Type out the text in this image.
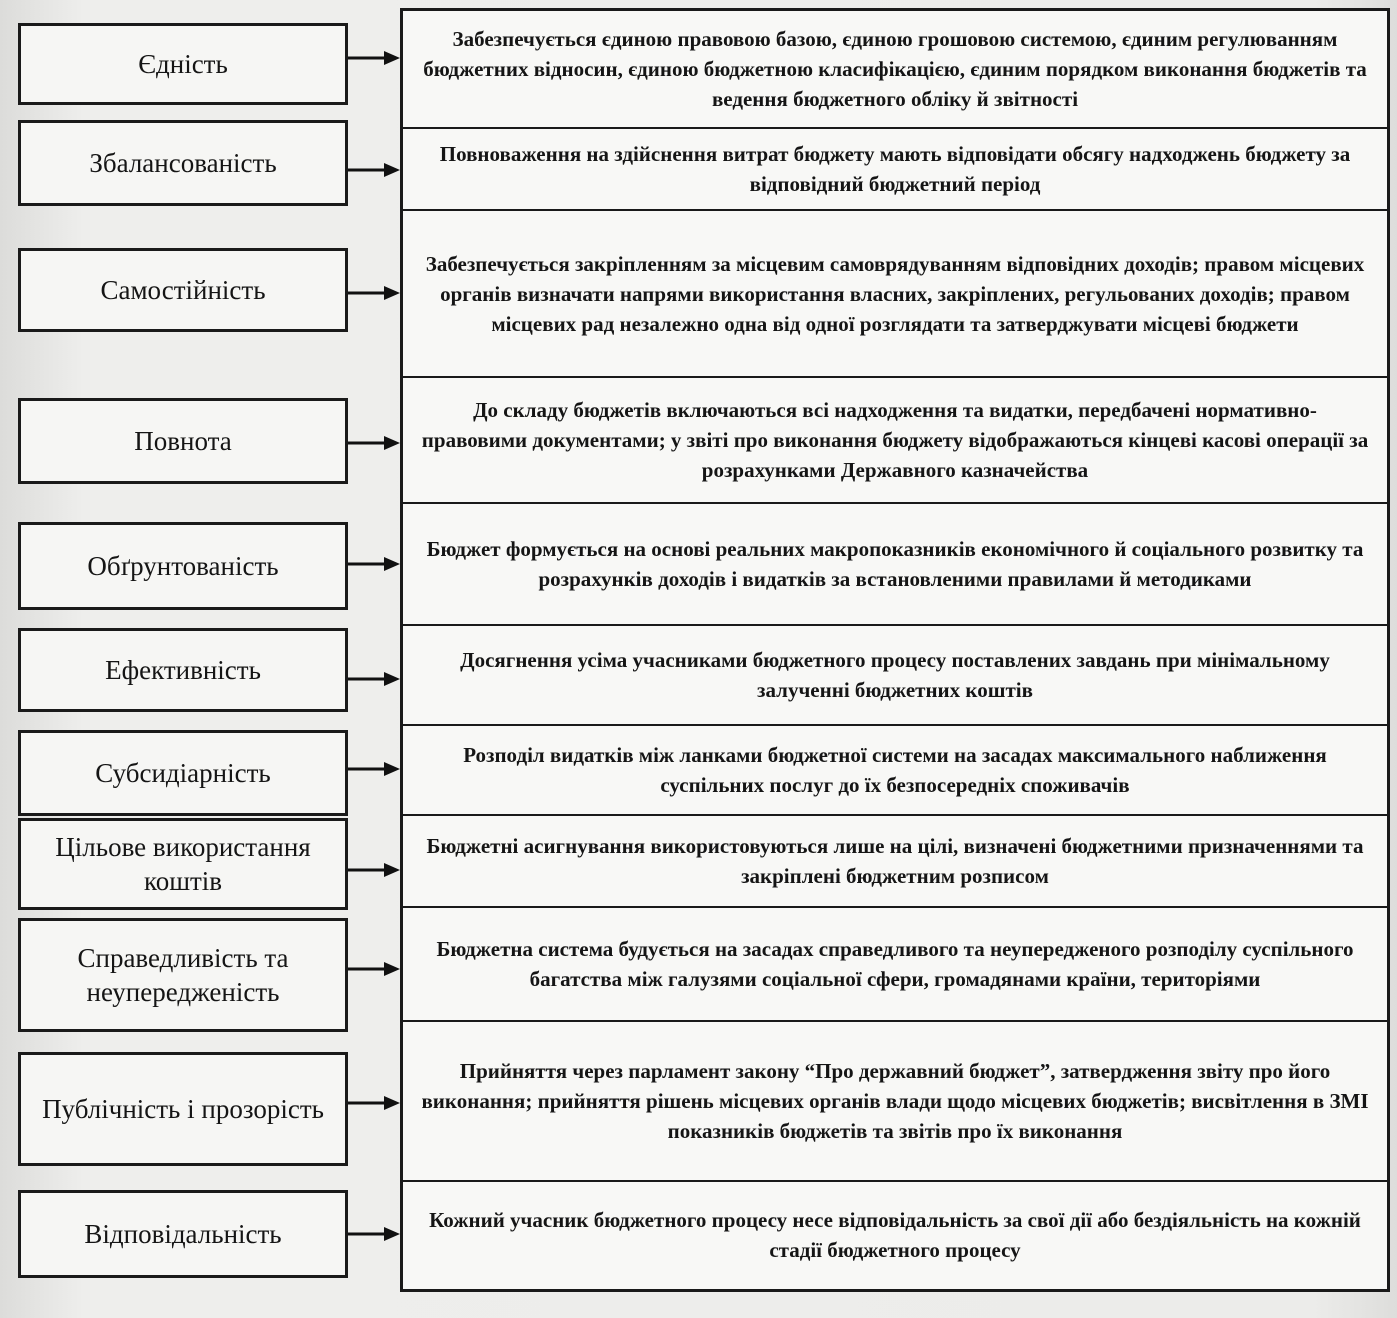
Забезпечується єдиною правовою базою, єдиною грошовою системою, єдиним регулюванням бюджетних відносин, єдиною бюджетною класифікацією, єдиним порядком виконання бюджетів та ведення бюджетного обліку й звітності
Повноваження на здійснення витрат бюджету мають відповідати обсягу надходжень бюджету за відповідний бюджетний період
Забезпечується закріпленням за місцевим самоврядуванням відповідних доходів; правом місцевих органів визначати напрями використання власних, закріплених, регульованих доходів; правом місцевих рад незалежно одна від одної розглядати та затверджувати місцеві бюджети
До складу бюджетів включаються всі надходження та видатки, передбачені нормативно-правовими документами; у звіті про виконання бюджету відображаються кінцеві касові операції за розрахунками Державного казначейства
Бюджет формується на основі реальних макропоказників економічного й соціального розвитку та розрахунків доходів і видатків за встановленими правилами й методиками
Досягнення усіма учасниками бюджетного процесу поставлених завдань при мінімальному залученні бюджетних коштів
Розподіл видатків між ланками бюджетної системи на засадах максимального наближення суспільних послуг до їх безпосередніх споживачів
Бюджетні асигнування використовуються лише на цілі, визначені бюджетними призначеннями та закріплені бюджетним розписом
Бюджетна система будується на засадах справедливого та неупередженого розподілу суспільного багатства між галузями соціальної сфери, громадянами країни, територіями
Прийняття через парламент закону “Про державний бюджет”, затвердження звіту про його виконання; прийняття рішень місцевих органів влади щодо місцевих бюджетів; висвітлення в ЗМІ показників бюджетів та звітів про їх виконання
Кожний учасник бюджетного процесу несе відповідальність за свої дії або бездіяльність на кожній стадії бюджетного процесу
Єдність
Збалансованість
Самостійність
Повнота
Обґрунтованість
Ефективність
Субсидіарність
Цільове використання коштів
Справедливість та неупередженість
Публічність і прозорість
Відповідальність
